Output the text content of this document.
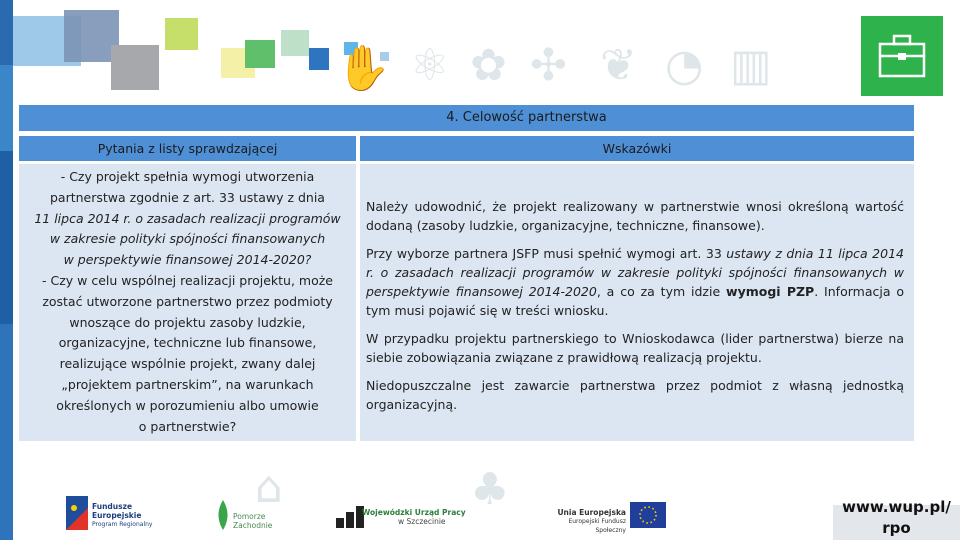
✋ ⚛ ✿ ✣ ❦ ◔ ▥
♣
⌂
4. Celowość partnerstwa
Pytania z listy sprawdzającej	Wskazówki
- Czy projekt spełnia wymogi utworzenia
partnerstwa zgodnie z art. 33 ustawy z dnia
11 lipca 2014 r. o zasadach realizacji programów
w zakresie polityki spójności finansowanych
w perspektywie finansowej 2014-2020?
- Czy w celu wspólnej realizacji projektu, może
zostać utworzone partnerstwo przez podmioty
wnoszące do projektu zasoby ludzkie,
organizacyjne, techniczne lub finansowe,
realizujące wspólnie projekt, zwany dalej
„projektem partnerskim”, na warunkach
określonych w porozumieniu albo umowie
o partnerstwie?

Należy udowodnić, że projekt realizowany w partnerstwie wnosi określoną wartość dodaną (zasoby ludzkie, organizacyjne, techniczne, finansowe).

Przy wyborze partnera JSFP musi spełnić wymogi art. 33 ustawy z dnia 11 lipca 2014 r. o zasadach realizacji programów w zakresie polityki spójności finansowanych w perspektywie finansowej 2014-2020, a co za tym idzie wymogi PZP. Informacja o tym musi pojawić się w treści wniosku.

W przypadku projektu partnerskiego to Wnioskodawca (lider partnerstwa) bierze na siebie zobowiązania związane z prawidłową realizacją projektu.

Niedopuszczalne jest zawarcie partnerstwa przez podmiot z własną jednostką organizacyjną.

Fundusze
Europejskie
Program Regionalny
Pomorze
Zachodnie
Wojewódzki Urząd Pracy
w Szczecinie
Unia Europejska
Europejski Fundusz Społeczny
www.wup.pl/
rpo
